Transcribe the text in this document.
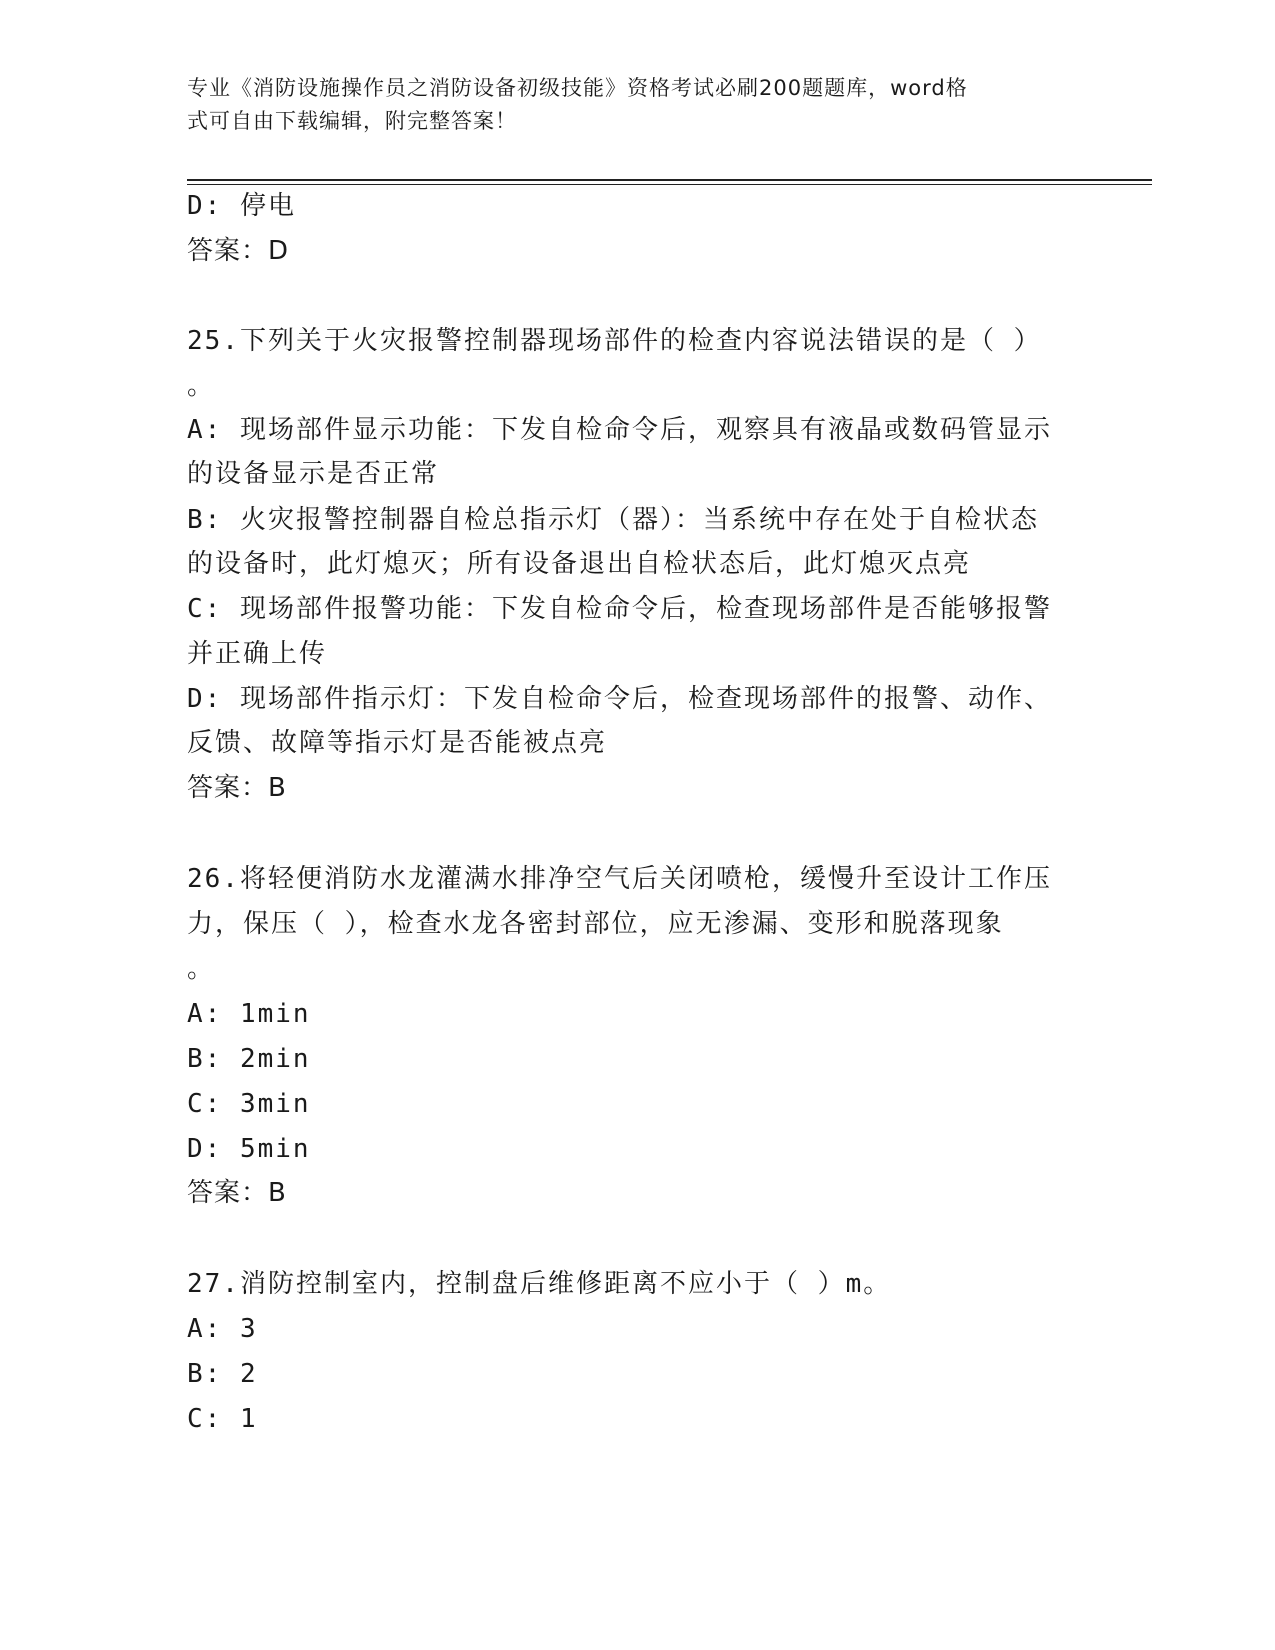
专业《消防设施操作员之消防设备初级技能》资格考试必刷200题题库，word格
式可自由下载编辑，附完整答案！
D: 停电
答案：D
25.下列关于火灾报警控制器现场部件的检查内容说法错误的是（ ）
。
A: 现场部件显示功能：下发自检命令后，观察具有液晶或数码管显示
的设备显示是否正常
B: 火灾报警控制器自检总指示灯（器）：当系统中存在处于自检状态
的设备时，此灯熄灭；所有设备退出自检状态后，此灯熄灭点亮
C: 现场部件报警功能：下发自检命令后，检查现场部件是否能够报警
并正确上传
D: 现场部件指示灯：下发自检命令后，检查现场部件的报警、动作、
反馈、故障等指示灯是否能被点亮
答案：B
26.将轻便消防水龙灌满水排净空气后关闭喷枪，缓慢升至设计工作压
力，保压（ ），检查水龙各密封部位，应无渗漏、变形和脱落现象
。
A: 1min
B: 2min
C: 3min
D: 5min
答案：B
27.消防控制室内，控制盘后维修距离不应小于（ ）m。
A: 3
B: 2
C: 1
